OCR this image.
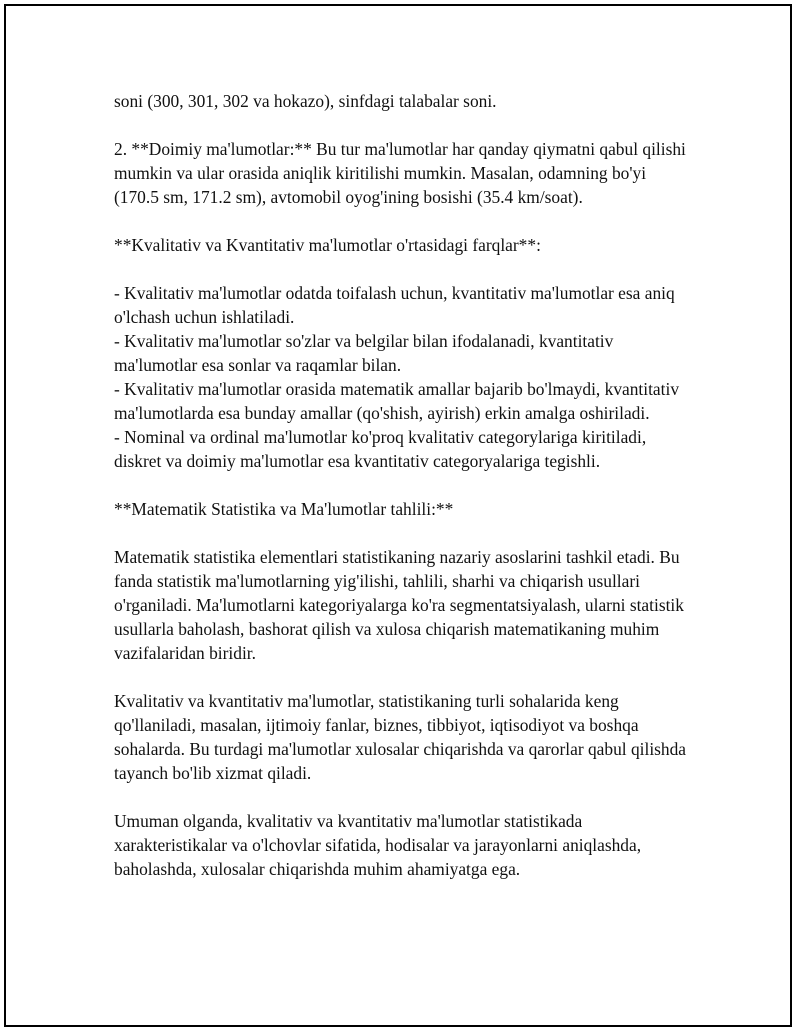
soni (300, 301, 302 va hokazo), sinfdagi talabalar soni.

2. **Doimiy ma'lumotlar:** Bu tur ma'lumotlar har qanday qiymatni qabul qilishi mumkin va ular orasida aniqlik kiritilishi mumkin. Masalan, odamning bo'yi (170.5 sm, 171.2 sm), avtomobil oyog'ining bosishi (35.4 km/soat).

**Kvalitativ va Kvantitativ ma'lumotlar o'rtasidagi farqlar**:

- Kvalitativ ma'lumotlar odatda toifalash uchun, kvantitativ ma'lumotlar esa aniq o'lchash uchun ishlatiladi.
- Kvalitativ ma'lumotlar so'zlar va belgilar bilan ifodalanadi, kvantitativ ma'lumotlar esa sonlar va raqamlar bilan.
- Kvalitativ ma'lumotlar orasida matematik amallar bajarib bo'lmaydi, kvantitativ ma'lumotlarda esa bunday amallar (qo'shish, ayirish) erkin amalga oshiriladi.
- Nominal va ordinal ma'lumotlar ko'proq kvalitativ categorylariga kiritiladi, diskret va doimiy ma'lumotlar esa kvantitativ categoryalariga tegishli.

**Matematik Statistika va Ma'lumotlar tahlili:**

Matematik statistika elementlari statistikaning nazariy asoslarini tashkil etadi. Bu fanda statistik ma'lumotlarning yig'ilishi, tahlili, sharhi va chiqarish usullari o'rganiladi. Ma'lumotlarni kategoriyalarga ko'ra segmentatsiyalash, ularni statistik usullarla baholash, bashorat qilish va xulosa chiqarish matematikaning muhim vazifalaridan biridir.

Kvalitativ va kvantitativ ma'lumotlar, statistikaning turli sohalarida keng qo'llaniladi, masalan, ijtimoiy fanlar, biznes, tibbiyot, iqtisodiyot va boshqa sohalarda. Bu turdagi ma'lumotlar xulosalar chiqarishda va qarorlar qabul qilishda tayanch bo'lib xizmat qiladi.

Umuman olganda, kvalitativ va kvantitativ ma'lumotlar statistikada xarakteristikalar va o'lchovlar sifatida, hodisalar va jarayonlarni aniqlashda, baholashda, xulosalar chiqarishda muhim ahamiyatga ega.
